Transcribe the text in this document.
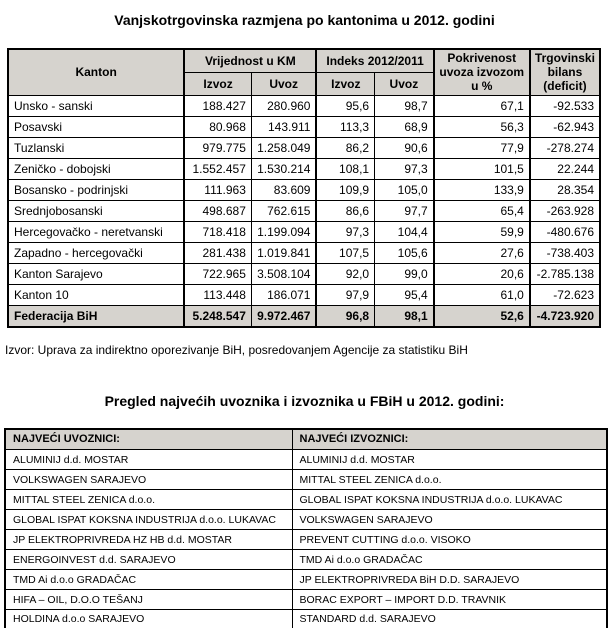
Vanjskotrgovinska razmjena po kantonima u 2012. godini
Kanton	Vrijednost u KM		Indeks 2012/2011		Pokrivenost uvoza izvozom u %	Trgovinski bilans (deficit)
	Izvoz	Uvoz	Izvoz	Uvoz		
Unsko - sanski	188.427	280.960	95,6	98,7	67,1	-92.533
Posavski	80.968	143.911	113,3	68,9	56,3	-62.943
Tuzlanski	979.775	1.258.049	86,2	90,6	77,9	-278.274
Zeničko - dobojski	1.552.457	1.530.214	108,1	97,3	101,5	22.244
Bosansko - podrinjski	111.963	83.609	109,9	105,0	133,9	28.354
Srednjobosanski	498.687	762.615	86,6	97,7	65,4	-263.928
Hercegovačko - neretvanski	718.418	1.199.094	97,3	104,4	59,9	-480.676
Zapadno - hercegovački	281.438	1.019.841	107,5	105,6	27,6	-738.403
Kanton Sarajevo	722.965	3.508.104	92,0	99,0	20,6	-2.785.138
Kanton 10	113.448	186.071	97,9	95,4	61,0	-72.623
Federacija BiH	5.248.547	9.972.467	96,8	98,1	52,6	-4.723.920

Izvor: Uprava za indirektno oporezivanje BiH, posredovanjem Agencije za statistiku BiH

Pregled najvećih uvoznika i izvoznika u FBiH u 2012. godini:
NAJVEĆI UVOZNICI:	NAJVEĆI IZVOZNICI:
ALUMINIJ d.d. MOSTAR	ALUMINIJ d.d. MOSTAR
VOLKSWAGEN SARAJEVO	MITTAL STEEL ZENICA d.o.o.
MITTAL STEEL ZENICA d.o.o.	GLOBAL ISPAT KOKSNA INDUSTRIJA d.o.o. LUKAVAC
GLOBAL ISPAT KOKSNA INDUSTRIJA d.o.o. LUKAVAC	VOLKSWAGEN SARAJEVO
JP ELEKTROPRIVREDA HZ HB d.d. MOSTAR	PREVENT CUTTING d.o.o. VISOKO
ENERGOINVEST d.d. SARAJEVO	TMD Ai d.o.o GRADAČAC
TMD Ai d.o.o GRADAČAC	JP ELEKTROPRIVREDA BiH D.D. SARAJEVO
HIFA – OIL, D.O.O TEŠANJ	BORAC EXPORT – IMPORT D.D. TRAVNIK
HOLDINA d.o.o SARAJEVO	STANDARD d.d. SARAJEVO
